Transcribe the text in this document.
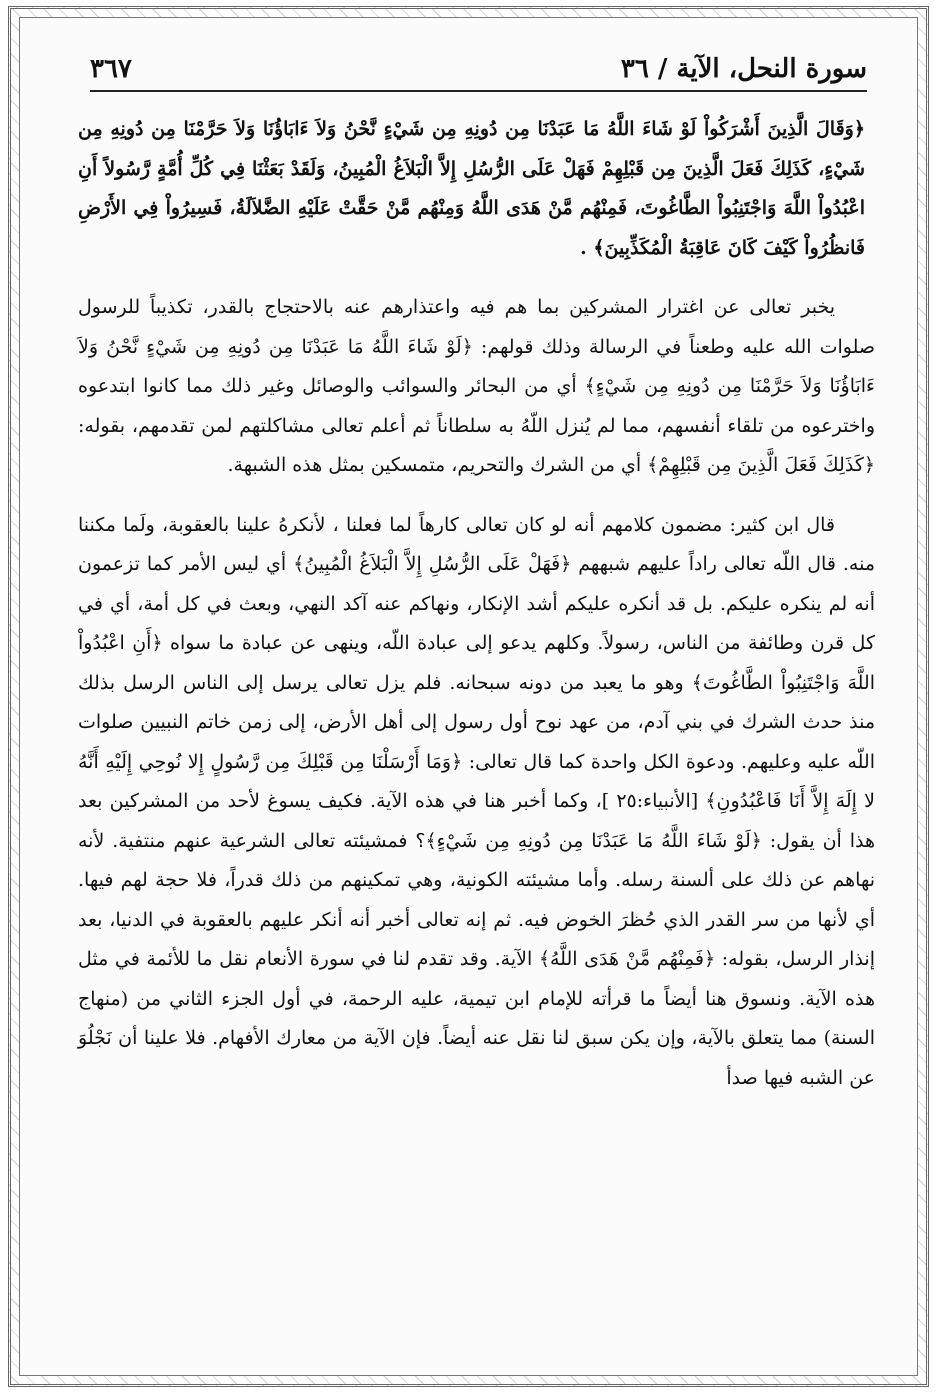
سورة النحل، الآية / ٣٦
٣٦٧

﴿وَقَالَ الَّذِينَ أَشْرَكُواْ لَوْ شَاءَ اللَّهُ مَا عَبَدْنَا مِن دُونِهِ مِن شَيْءٍ نَّحْنُ وَلاَ ءَابَاؤُنَا وَلاَ حَرَّمْنَا مِن دُونِهِ مِن شَيْءٍ، كَذَلِكَ فَعَلَ الَّذِينَ مِن قَبْلِهِمْ فَهَلْ عَلَى الرُّسُلِ إِلاَّ الْبَلاَغُ الْمُبِينُ، وَلَقَدْ بَعَثْنَا فِي كُلِّ أُمَّةٍ رَّسُولاً أَنِ اعْبُدُواْ اللَّهَ وَاجْتَنِبُواْ الطَّاغُوتَ، فَمِنْهُم مَّنْ هَدَى اللَّهُ وَمِنْهُم مَّنْ حَقَّتْ عَلَيْهِ الضَّلاَلَةُ، فَسِيرُواْ فِي الأَرْضِ فَانظُرُواْ كَيْفَ كَانَ عَاقِبَةُ الْمُكَذِّبِينَ﴾ .

يخبر تعالى عن اغترار المشركين بما هم فيه واعتذارهم عنه بالاحتجاج بالقدر، تكذيباً للرسول صلوات الله عليه وطعناً في الرسالة وذلك قولهم: ﴿لَوْ شَاءَ اللَّهُ مَا عَبَدْنَا مِن دُونِهِ مِن شَيْءٍ نَّحْنُ وَلاَ ءَابَاؤُنَا وَلاَ حَرَّمْنَا مِن دُونِهِ مِن شَيْءٍ﴾ أي من البحائر والسوائب والوصائل وغير ذلك مما كانوا ابتدعوه واخترعوه من تلقاء أنفسهم، مما لم يُنزل اللّهُ به سلطاناً ثم أعلم تعالى مشاكلتهم لمن تقدمهم، بقوله: ﴿كَذَلِكَ فَعَلَ الَّذِينَ مِن قَبْلِهِمْ﴾ أي من الشرك والتحريم، متمسكين بمثل هذه الشبهة.

قال ابن كثير: مضمون كلامهم أنه لو كان تعالى كارهاً لما فعلنا ، لأنكرهُ علينا بالعقوبة، ولَما مكننا منه. قال اللّه تعالى راداً عليهم شبههم ﴿فَهَلْ عَلَى الرُّسُلِ إِلاَّ الْبَلاَغُ الْمُبِينُ﴾ أي ليس الأمر كما تزعمون أنه لم ينكره عليكم. بل قد أنكره عليكم أشد الإنكار، ونهاكم عنه آكد النهي، وبعث في كل أمة، أي في كل قرن وطائفة من الناس، رسولاً. وكلهم يدعو إلى عبادة اللّه، وينهى عن عبادة ما سواه ﴿أَنِ اعْبُدُواْ اللَّهَ وَاجْتَنِبُواْ الطَّاغُوتَ﴾ وهو ما يعبد من دونه سبحانه. فلم يزل تعالى يرسل إلى الناس الرسل بذلك منذ حدث الشرك في بني آدم، من عهد نوح أول رسول إلى أهل الأرض، إلى زمن خاتم النبيين صلوات اللّه عليه وعليهم. ودعوة الكل واحدة كما قال تعالى: ﴿وَمَا أَرْسَلْنَا مِن قَبْلِكَ مِن رَّسُولٍ إِلا نُوحِي إِلَيْهِ أَنَّهُ لا إِلَهَ إِلاَّ أَنَا فَاعْبُدُونِ﴾ [الأنبياء:٢٥ ]، وكما أخبر هنا في هذه الآية. فكيف يسوغ لأحد من المشركين بعد هذا أن يقول: ﴿لَوْ شَاءَ اللَّهُ مَا عَبَدْنَا مِن دُونِهِ مِن شَيْءٍ﴾؟ فمشيئته تعالى الشرعية عنهم منتفية. لأنه نهاهم عن ذلك على ألسنة رسله. وأما مشيئته الكونية، وهي تمكينهم من ذلك قدراً، فلا حجة لهم فيها. أي لأنها من سر القدر الذي حُظرَ الخوض فيه. ثم إنه تعالى أخبر أنه أنكر عليهم بالعقوبة في الدنيا، بعد إنذار الرسل، بقوله: ﴿فَمِنْهُم مَّنْ هَدَى اللَّهُ﴾ الآية. وقد تقدم لنا في سورة الأنعام نقل ما للأئمة في مثل هذه الآية. ونسوق هنا أيضاً ما قرأته للإمام ابن تيمية، عليه الرحمة، في أول الجزء الثاني من (منهاج السنة) مما يتعلق بالآية، وإن يكن سبق لنا نقل عنه أيضاً. فإن الآية من معارك الأفهام. فلا علينا أن نَجْلُوَ عن الشبه فيها صدأ
